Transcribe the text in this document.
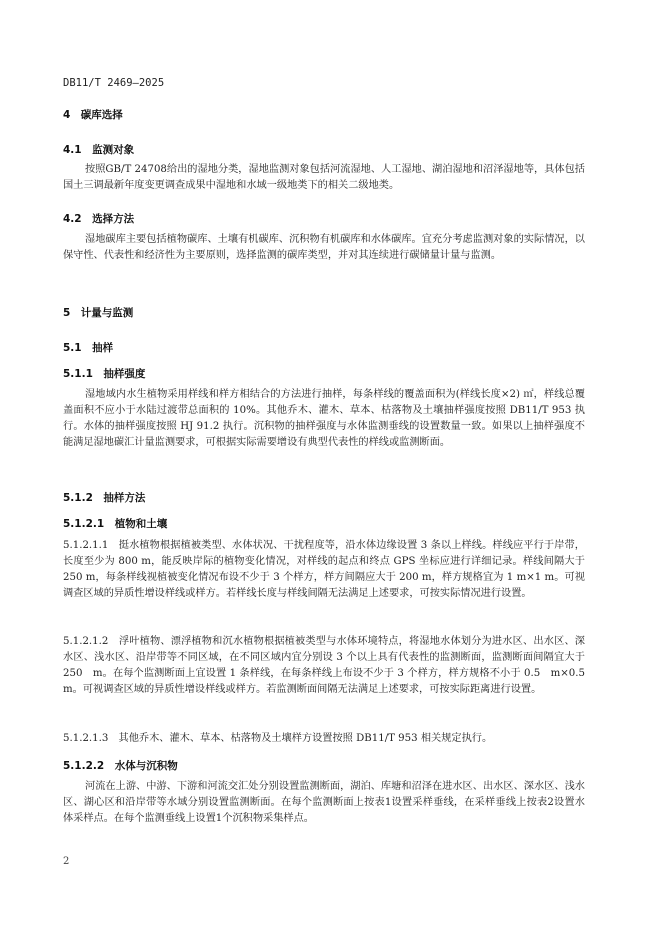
DB11/T 2469—2025
4　碳库选择
4.1　监测对象
按照GB/T 24708给出的湿地分类，湿地监测对象包括河流湿地、人工湿地、湖泊湿地和沼泽湿地等，具体包括国土三调最新年度变更调查成果中湿地和水域一级地类下的相关二级地类。
4.2　选择方法
湿地碳库主要包括植物碳库、土壤有机碳库、沉积物有机碳库和水体碳库。宜充分考虑监测对象的实际情况，以保守性、代表性和经济性为主要原则，选择监测的碳库类型，并对其连续进行碳储量计量与监测。
5　计量与监测
5.1　抽样
5.1.1　抽样强度
湿地域内水生植物采用样线和样方相结合的方法进行抽样，每条样线的覆盖面积为(样线长度×2) ㎡，样线总覆盖面积不应小于水陆过渡带总面积的 10%。其他乔木、灌木、草本、枯落物及土壤抽样强度按照 DB11/T 953 执行。水体的抽样强度按照 HJ 91.2 执行。沉积物的抽样强度与水体监测垂线的设置数量一致。如果以上抽样强度不能满足湿地碳汇计量监测要求，可根据实际需要增设有典型代表性的样线或监测断面。
5.1.2　抽样方法
5.1.2.1　植物和土壤
5.1.2.1.1　挺水植物根据植被类型、水体状况、干扰程度等，沿水体边缘设置 3 条以上样线。样线应平行于岸带，长度至少为 800 m，能反映岸际的植物变化情况，对样线的起点和终点 GPS 坐标应进行详细记录。样线间隔大于 250 m，每条样线视植被变化情况布设不少于 3 个样方，样方间隔应大于 200 m，样方规格宜为 1 m×1 m。可视调查区域的异质性增设样线或样方。若样线长度与样线间隔无法满足上述要求，可按实际情况进行设置。
5.1.2.1.2　浮叶植物、漂浮植物和沉水植物根据植被类型与水体环境特点，将湿地水体划分为进水区、出水区、深水区、浅水区、沿岸带等不同区域，在不同区域内宜分别设 3 个以上具有代表性的监测断面，监测断面间隔宜大于 250　m。在每个监测断面上宜设置 1 条样线，在每条样线上布设不少于 3 个样方，样方规格不小于 0.5　m×0.5　m。可视调查区域的异质性增设样线或样方。若监测断面间隔无法满足上述要求，可按实际距离进行设置。
5.1.2.1.3　其他乔木、灌木、草本、枯落物及土壤样方设置按照 DB11/T 953 相关规定执行。
5.1.2.2　水体与沉积物
河流在上游、中游、下游和河流交汇处分别设置监测断面，湖泊、库塘和沼泽在进水区、出水区、深水区、浅水区、湖心区和沿岸带等水域分别设置监测断面。在每个监测断面上按表1设置采样垂线，在采样垂线上按表2设置水体采样点。在每个监测垂线上设置1个沉积物采集样点。
2
